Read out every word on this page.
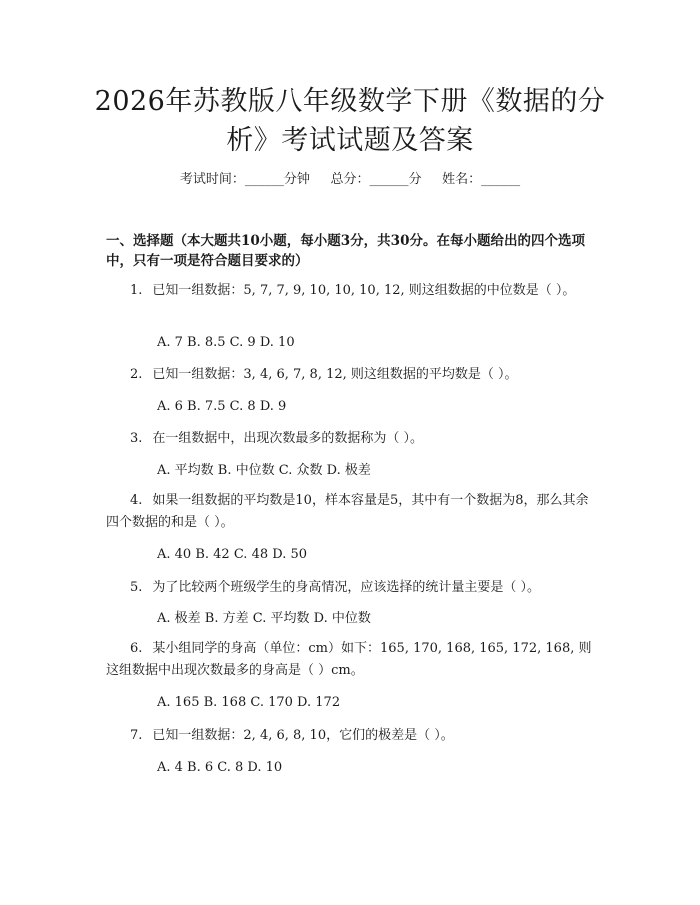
2026年苏教版八年级数学下册《数据的分
析》考试试题及答案
考试时间：______分钟     总分：______分     姓名：______
一、选择题（本大题共10小题，每小题3分，共30分。在每小题给出的四个选项中，只有一项是符合题目要求的）
1. 已知一组数据：5, 7, 7, 9, 10, 10, 10, 12, 则这组数据的中位数是（ ）。
A. 7 B. 8.5 C. 9 D. 10
2. 已知一组数据：3, 4, 6, 7, 8, 12, 则这组数据的平均数是（ ）。
A. 6 B. 7.5 C. 8 D. 9
3. 在一组数据中，出现次数最多的数据称为（ ）。
A. 平均数 B. 中位数 C. 众数 D. 极差
4. 如果一组数据的平均数是10，样本容量是5，其中有一个数据为8，那么其余四个数据的和是（ ）。
A. 40 B. 42 C. 48 D. 50
5. 为了比较两个班级学生的身高情况，应该选择的统计量主要是（ ）。
A. 极差 B. 方差 C. 平均数 D. 中位数
6. 某小组同学的身高（单位：cm）如下：165, 170, 168, 165, 172, 168, 则这组数据中出现次数最多的身高是（ ）cm。
A. 165 B. 168 C. 170 D. 172
7. 已知一组数据：2, 4, 6, 8, 10，它们的极差是（ ）。
A. 4 B. 6 C. 8 D. 10
